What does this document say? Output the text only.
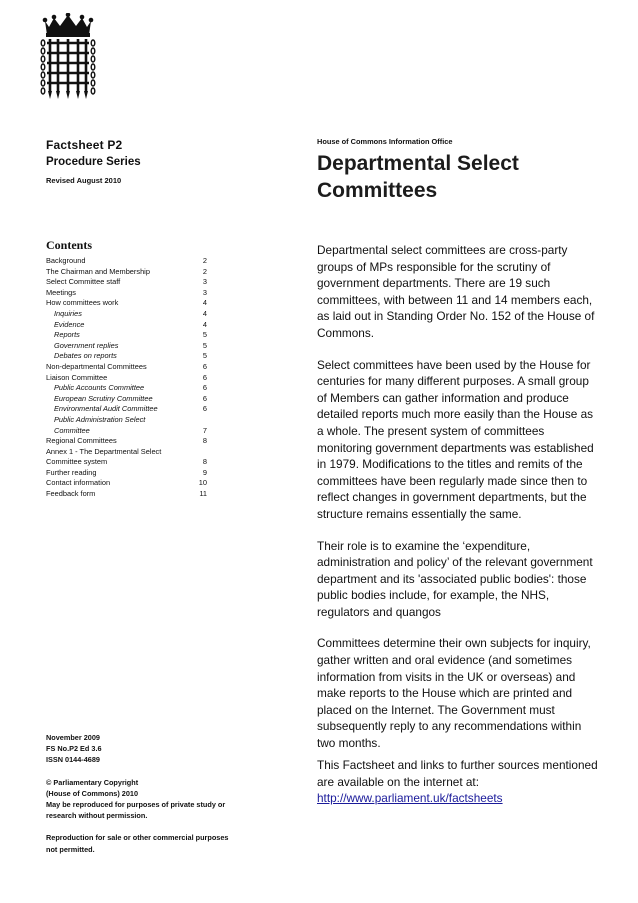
Factsheet P2
Procedure Series
Revised August 2010
Contents
Background	2
The Chairman and Membership	2
Select Committee staff	3
Meetings	3
How committees work	4
Inquiries	4
Evidence	4
Reports	5
Government replies	5
Debates on reports	5
Non-departmental Committees	6
Liaison Committee	6
Public Accounts Committee	6
European Scrutiny Committee	6
Environmental Audit Committee	6
Public Administration Select
Committee	7
Regional Committees	8
Annex 1 - The Departmental Select
Committee system	8
Further reading	9
Contact information	10
Feedback form	11

November 2009

FS No.P2 Ed 3.6

ISSN 0144-4689

© Parliamentary Copyright

(House of Commons) 2010

May be reproduced for purposes of private study or research without permission.

Reproduction for sale or other commercial purposes not permitted.

House of Commons Information Office
Departmental Select Committees

Departmental select committees are cross-party groups of MPs responsible for the scrutiny of government departments. There are 19 such committees, with between 11 and 14 members each, as laid out in Standing Order No. 152 of the House of Commons.

Select committees have been used by the House for centuries for many different purposes. A small group of Members can gather information and produce detailed reports much more easily than the House as a whole. The present system of committees monitoring government departments was established in 1979. Modifications to the titles and remits of the committees have been regularly made since then to reflect changes in government departments, but the structure remains essentially the same.

Their role is to examine the ‘expenditure, administration and policy’ of the relevant government department and its 'associated public bodies': those public bodies include, for example, the NHS, regulators and quangos

Committees determine their own subjects for inquiry, gather written and oral evidence (and sometimes information from visits in the UK or overseas) and make reports to the House which are printed and placed on the Internet. The Government must subsequently reply to any recommendations within two months.

This Factsheet and links to further sources mentioned are available on the internet at:

http://www.parliament.uk/factsheets
